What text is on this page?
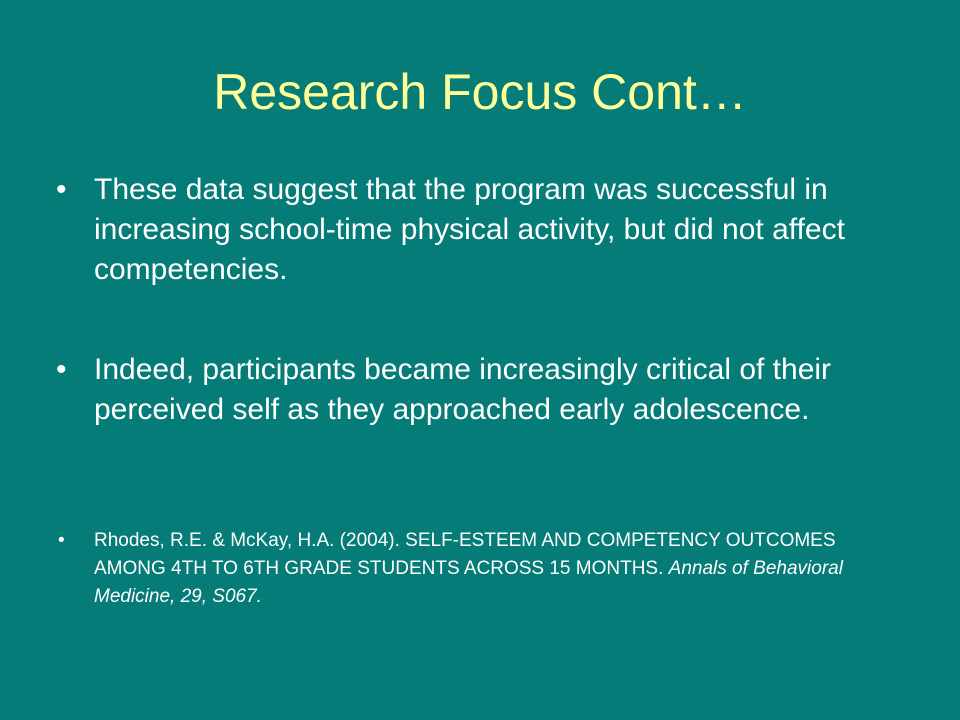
Research Focus Cont…
• These data suggest that the program was successful in increasing school-time physical activity, but did not affect competencies.
• Indeed, participants became increasingly critical of their perceived self as they approached early adolescence.
• Rhodes, R.E. & McKay, H.A. (2004). SELF-ESTEEM AND COMPETENCY OUTCOMES AMONG 4TH TO 6TH GRADE STUDENTS ACROSS 15 MONTHS. Annals of Behavioral Medicine, 29, S067.
